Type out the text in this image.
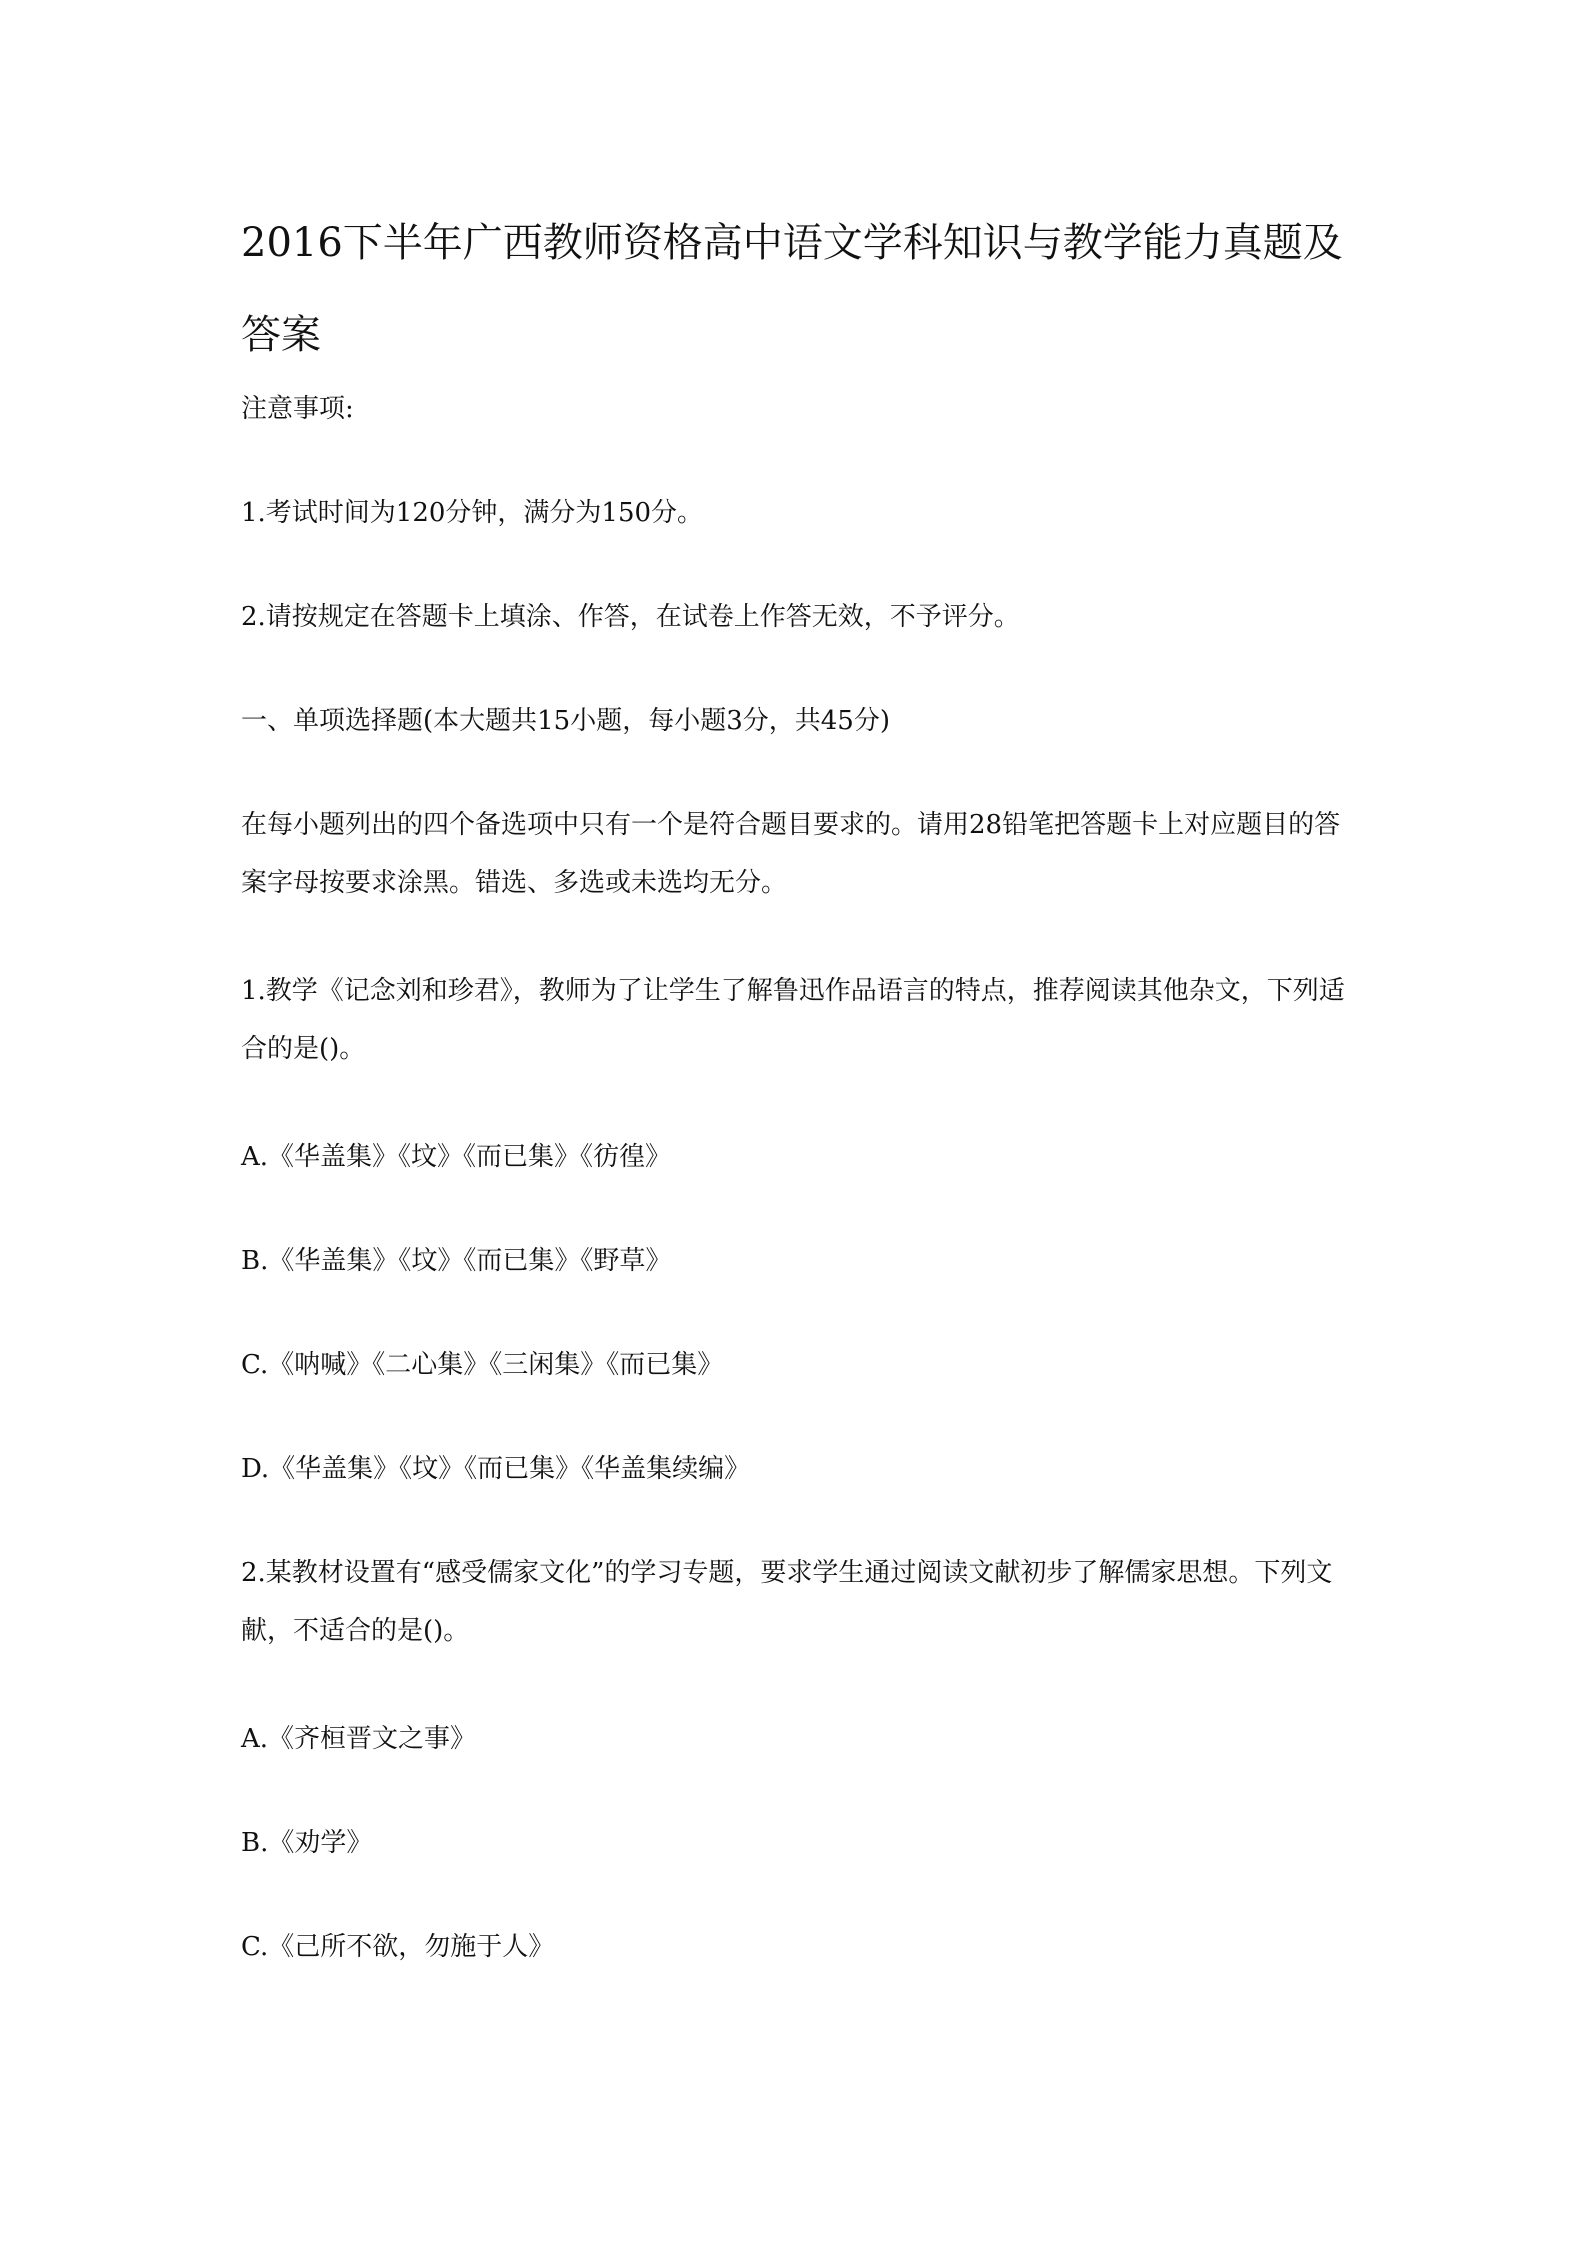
2016下半年广西教师资格高中语文学科知识与教学能力真题及答案

注意事项:

1.考试时间为120分钟，满分为150分。

2.请按规定在答题卡上填涂、作答，在试卷上作答无效，不予评分。

一、单项选择题(本大题共15小题，每小题3分，共45分)

在每小题列出的四个备选项中只有一个是符合题目要求的。请用28铅笔把答题卡上对应题目的答案字母按要求涂黑。错选、多选或未选均无分。

1.教学《记念刘和珍君》，教师为了让学生了解鲁迅作品语言的特点，推荐阅读其他杂文，下列适合的是()。

A.《华盖集》《坟》《而已集》《彷徨》

B.《华盖集》《坟》《而已集》《野草》

C.《呐喊》《二心集》《三闲集》《而已集》

D.《华盖集》《坟》《而已集》《华盖集续编》

2.某教材设置有“感受儒家文化”的学习专题，要求学生通过阅读文献初步了解儒家思想。下列文献，不适合的是()。

A.《齐桓晋文之事》

B.《劝学》

C.《己所不欲，勿施于人》
